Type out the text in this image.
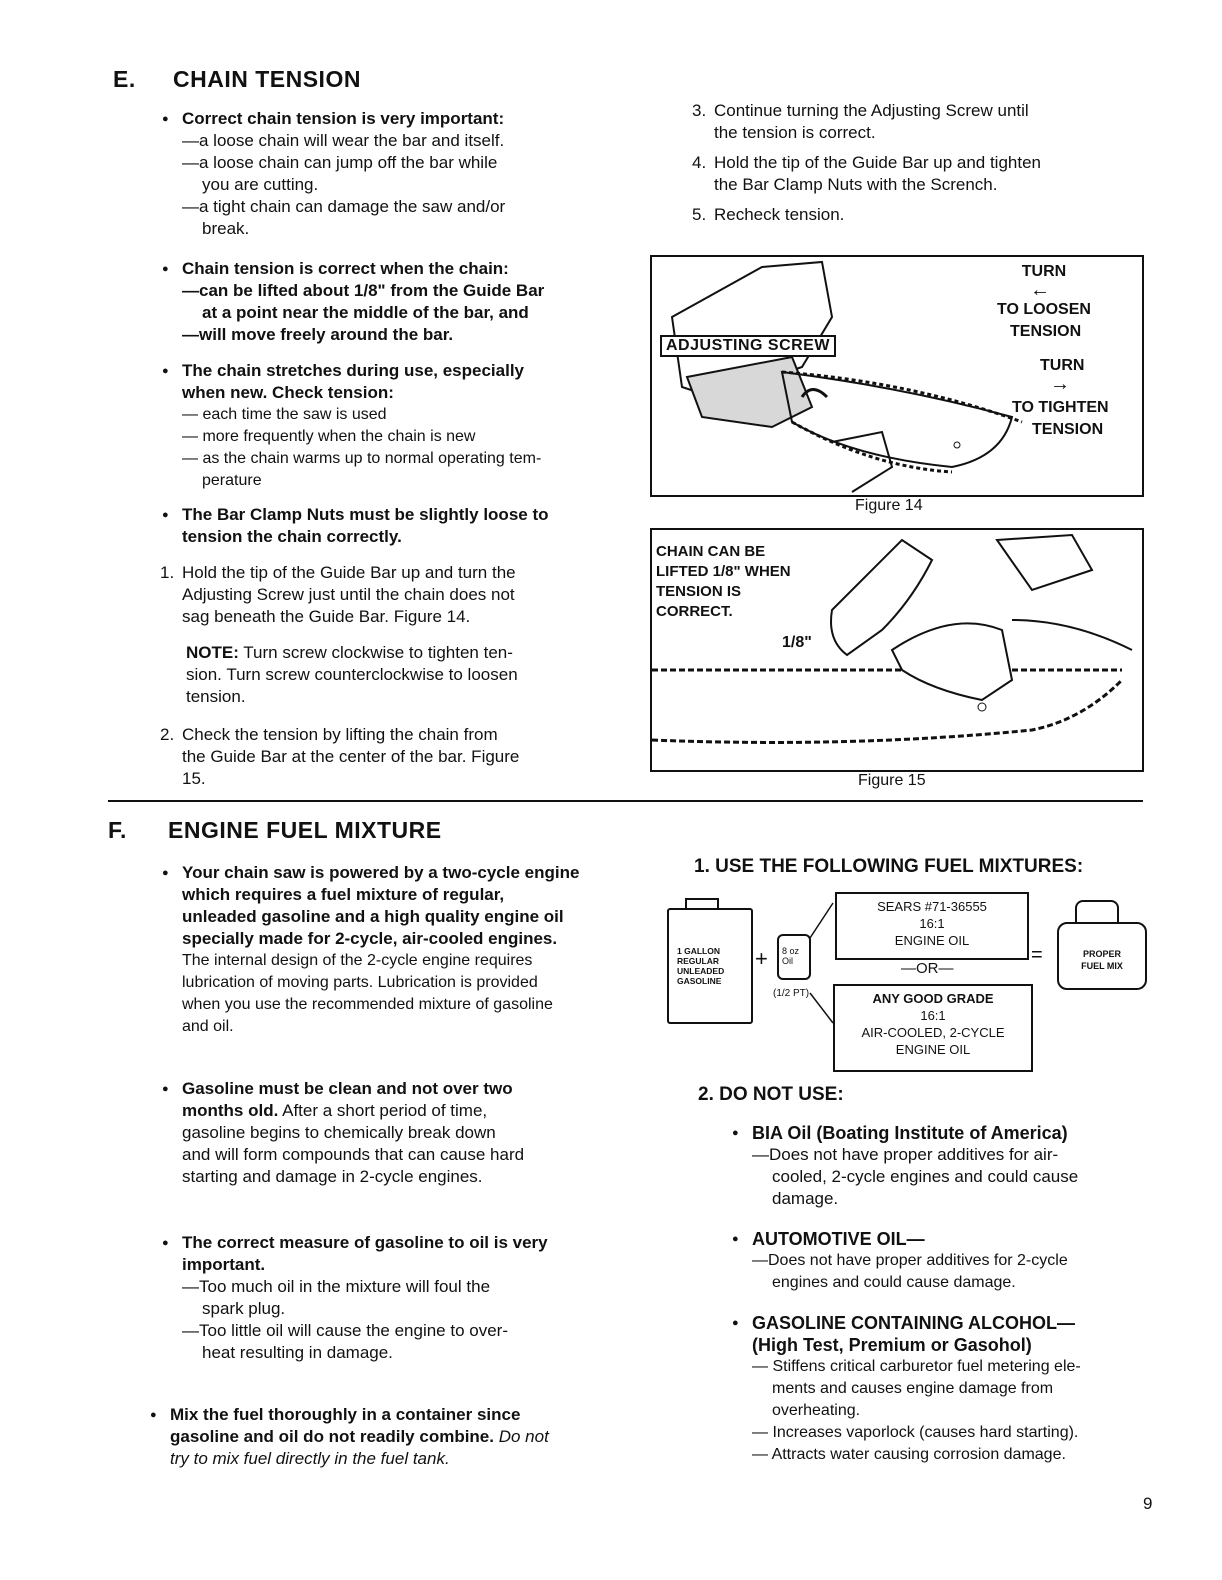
E. CHAIN TENSION
● Correct chain tension is very important:
—a loose chain will wear the bar and itself.
—a loose chain can jump off the bar while
you are cutting.
—a tight chain can damage the saw and/or
break.
● Chain tension is correct when the chain:
—can be lifted about 1/8" from the Guide Bar
at a point near the middle of the bar, and
—will move freely around the bar.
● The chain stretches during use, especially
when new. Check tension:
— each time the saw is used
— more frequently when the chain is new
— as the chain warms up to normal operating tem-
perature
● The Bar Clamp Nuts must be slightly loose to
tension the chain correctly.
1. Hold the tip of the Guide Bar up and turn the
Adjusting Screw just until the chain does not
sag beneath the Guide Bar. Figure 14.
NOTE: Turn screw clockwise to tighten ten-
sion. Turn screw counterclockwise to loosen
tension.
2. Check the tension by lifting the chain from
the Guide Bar at the center of the bar. Figure
15.
3. Continue turning the Adjusting Screw until
the tension is correct.
4. Hold the tip of the Guide Bar up and tighten
the Bar Clamp Nuts with the Scrench.
5. Recheck tension.
ADJUSTING SCREW
TURN
←
TO LOOSEN
TENSION
TURN
→
TO TIGHTEN
TENSION
Figure 14
CHAIN CAN BE
LIFTED 1/8" WHEN
TENSION IS
CORRECT.
1/8"
Figure 15
F. ENGINE FUEL MIXTURE
● Your chain saw is powered by a two-cycle engine
which requires a fuel mixture of regular,
unleaded gasoline and a high quality engine oil
specially made for 2-cycle, air-cooled engines.
The internal design of the 2-cycle engine requires
lubrication of moving parts. Lubrication is provided
when you use the recommended mixture of gasoline
and oil.
● Gasoline must be clean and not over two
months old. After a short period of time,
gasoline begins to chemically break down
and will form compounds that can cause hard
starting and damage in 2-cycle engines.
● The correct measure of gasoline to oil is very
important.
—Too much oil in the mixture will foul the
spark plug.
—Too little oil will cause the engine to over-
heat resulting in damage.
● Mix the fuel thoroughly in a container since
gasoline and oil do not readily combine. Do not
try to mix fuel directly in the fuel tank.
1. USE THE FOLLOWING FUEL MIXTURES:
1 GALLON
REGULAR
UNLEADED
GASOLINE
+ 8 oz
Oil
(1/2 PT)
SEARS #71-36555
16:1
ENGINE OIL
—OR—
ANY GOOD GRADE
16:1
AIR-COOLED, 2-CYCLE
ENGINE OIL
=	PROPER
FUEL MIX
2. DO NOT USE:
● BIA Oil (Boating Institute of America)
—Does not have proper additives for air-
cooled, 2-cycle engines and could cause
damage.
● AUTOMOTIVE OIL—
—Does not have proper additives for 2-cycle
engines and could cause damage.
● GASOLINE CONTAINING ALCOHOL—
(High Test, Premium or Gasohol)
— Stiffens critical carburetor fuel metering ele-
ments and causes engine damage from
overheating.
— Increases vaporlock (causes hard starting).
— Attracts water causing corrosion damage.
9
